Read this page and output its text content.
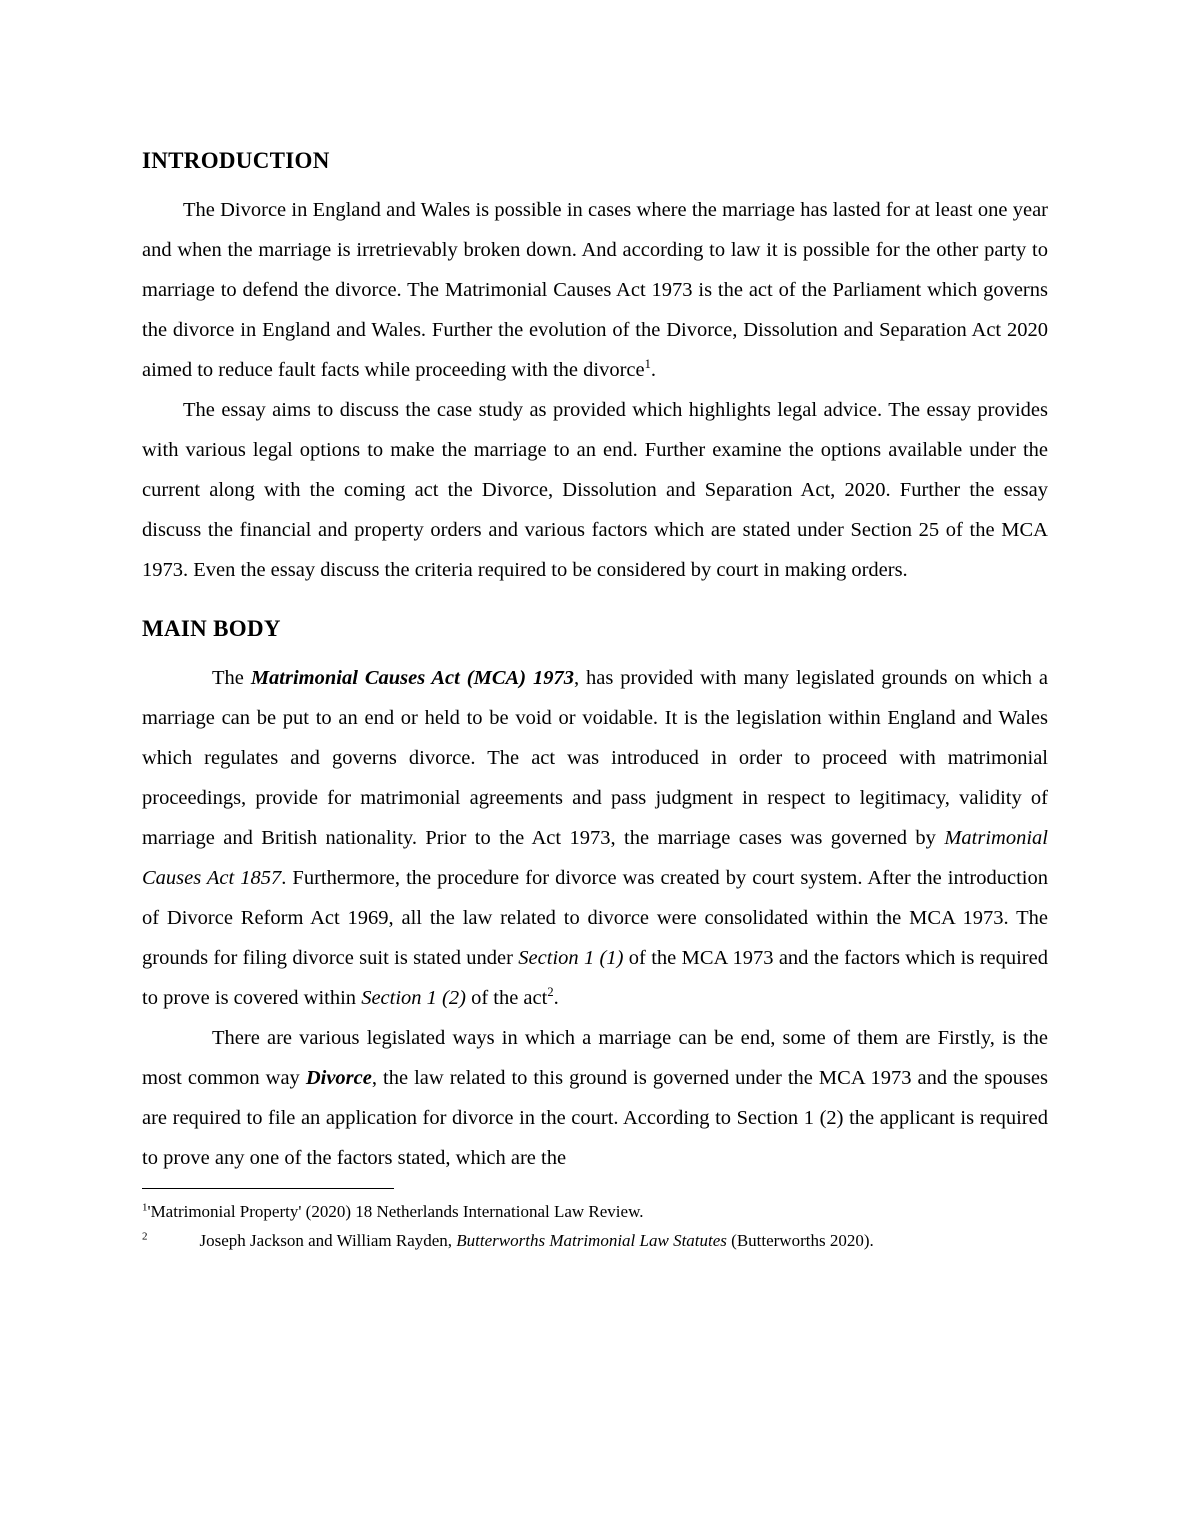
INTRODUCTION

The Divorce in England and Wales is possible in cases where the marriage has lasted for at least one year and when the marriage is irretrievably broken down. And according to law it is possible for the other party to marriage to defend the divorce. The Matrimonial Causes Act 1973 is the act of the Parliament which governs the divorce in England and Wales. Further the evolution of the Divorce, Dissolution and Separation Act 2020 aimed to reduce fault facts while proceeding with the divorce$^1$.

The essay aims to discuss the case study as provided which highlights legal advice. The essay provides with various legal options to make the marriage to an end. Further examine the options available under the current along with the coming act the Divorce, Dissolution and Separation Act, 2020. Further the essay discuss the financial and property orders and various factors which are stated under Section 25 of the MCA 1973. Even the essay discuss the criteria required to be considered by court in making orders.

MAIN BODY

The Matrimonial Causes Act (MCA) 1973, has provided with many legislated grounds on which a marriage can be put to an end or held to be void or voidable. It is the legislation within England and Wales which regulates and governs divorce. The act was introduced in order to proceed with matrimonial proceedings, provide for matrimonial agreements and pass judgment in respect to legitimacy, validity of marriage and British nationality. Prior to the Act 1973, the marriage cases was governed by Matrimonial Causes Act 1857. Furthermore, the procedure for divorce was created by court system. After the introduction of Divorce Reform Act 1969, all the law related to divorce were consolidated within the MCA 1973. The grounds for filing divorce suit is stated under Section 1 (1) of the MCA 1973 and the factors which is required to prove is covered within Section 1 (2) of the act$^2$.

There are various legislated ways in which a marriage can be end, some of them are Firstly, is the most common way Divorce, the law related to this ground is governed under the MCA 1973 and the spouses are required to file an application for divorce in the court. According to Section 1 (2) the applicant is required to prove any one of the factors stated, which are the

$^1$'Matrimonial Property' (2020) 18 Netherlands International Law Review.

$^2$	Joseph Jackson and William Rayden, Butterworths Matrimonial Law Statutes (Butterworths 2020).
